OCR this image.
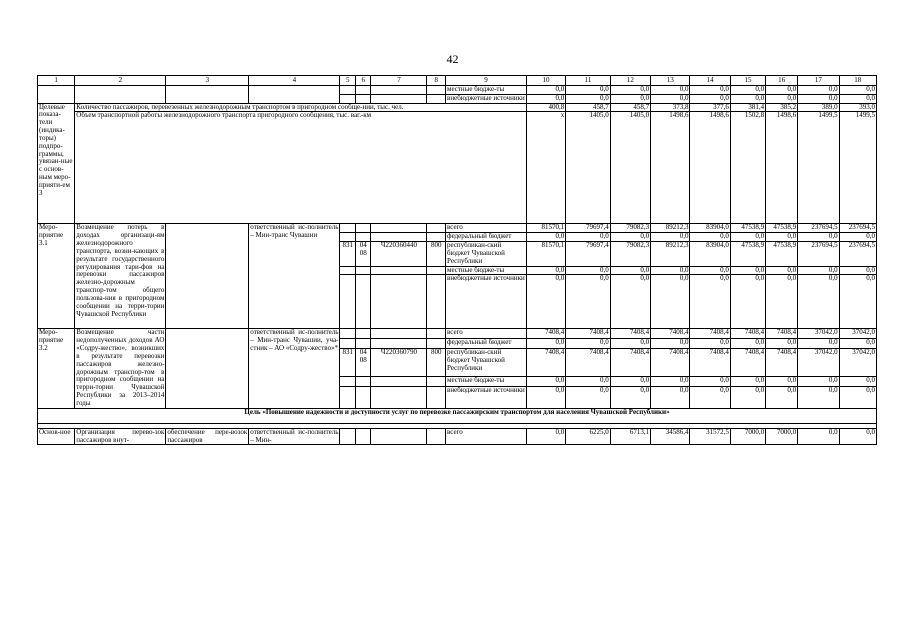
42
1	2	3	4	5	6	7	8	9	10	11	12	13	14	15	16	17	18
								местные бюдже-ты	0,0	0,0	0,0	0,0	0,0	0,0	0,0	0,0	0,0
								внебюджетные источники	0,0	0,0	0,0	0,0	0,0	0,0	0,0	0,0	0,0
Целевые показа-тели (индика-торы) подпро-граммы, увязан-ные с основ-ным меро-прияти-ем 3	Количество пассажиров, перевезенных железнодорожным транспортом в пригородном сообще-нии, тыс. чел.								400,8	458,7	458,7	373,8	377,6	381,4	385,2	389,0	393,0
	Объем транспортной работы железнодорожного транспорта пригородного сообщения, тыс. ваг.-км								х	1405,0	1405,0	1498,6	1498,6	1502,8	1498,6	1499,5	1499,5
Меро-приятие 3.1	Возмещение потерь в доходах организаци-ям железнодорожного транспорта, возни-кающих в результате государственного регулирования тари-фов на перевозки пассажиров железно-дорожным транспор-том общего пользова-ния в пригородном сообщении на терри-тории Чувашской Республики		ответственный ис-полнитель – Мин-транс Чувашии					всего	81570,1	79697,4	79082,3	89212,3	83904,0	47538,9	47538,9	237694,5	237694,5
								федеральный бюджет	0,0	0,0	0,0	0,0	0,0	0,0	0,0	0,0	0,0
				831	04 08	Ч220360440	800	республикан-ский бюджет Чувашской Республики	81570,1	79697,4	79082,3	89212,3	83904,0	47538,9	47538,9	237694,5	237694,5
								местные бюдже-ты	0,0	0,0	0,0	0,0	0,0	0,0	0,0	0,0	0,0
								внебюджетные источники	0,0	0,0	0,0	0,0	0,0	0,0	0,0	0,0	0,0
Меро-приятие 3.2	Возмещение части недополученных доходов АО «Содру-жество», возникших в результате перевозки пассажиров железно-дорожным транспор-том в пригородном сообщении на терри-тории Чувашской Республики за 2013–2014 годы		ответственный ис-полнитель – Мин-транс Чувашии, уча-стник – АО «Содру-жество»*					всего	7408,4	7408,4	7408,4	7408,4	7408,4	7408,4	7408,4	37042,0	37042,0
								федеральный бюджет	0,0	0,0	0,0	0,0	0,0	0,0	0,0	0,0	0,0
				831	04 08	Ч220360790	800	республикан-ский бюджет Чувашской Республики	7408,4	7408,4	7408,4	7408,4	7408,4	7408,4	7408,4	37042,0	37042,0
								местные бюдже-ты	0,0	0,0	0,0	0,0	0,0	0,0	0,0	0,0	0,0
								внебюджетные источники	0,0	0,0	0,0	0,0	0,0	0,0	0,0	0,0	0,0
Цель «Повышение надежности и доступности услуг по перевозке пассажирским транспортом для населения Чувашской Республики»																	

Основ-ное	Организация перево-зок пассажиров внут-	обеспечение пере-возок пассажиров	ответственный ис-полнитель – Мин-					всего	0,0	6225,0	6713,1	34586,4	31572,5	7000,0	7000,0	0,0	0,0
